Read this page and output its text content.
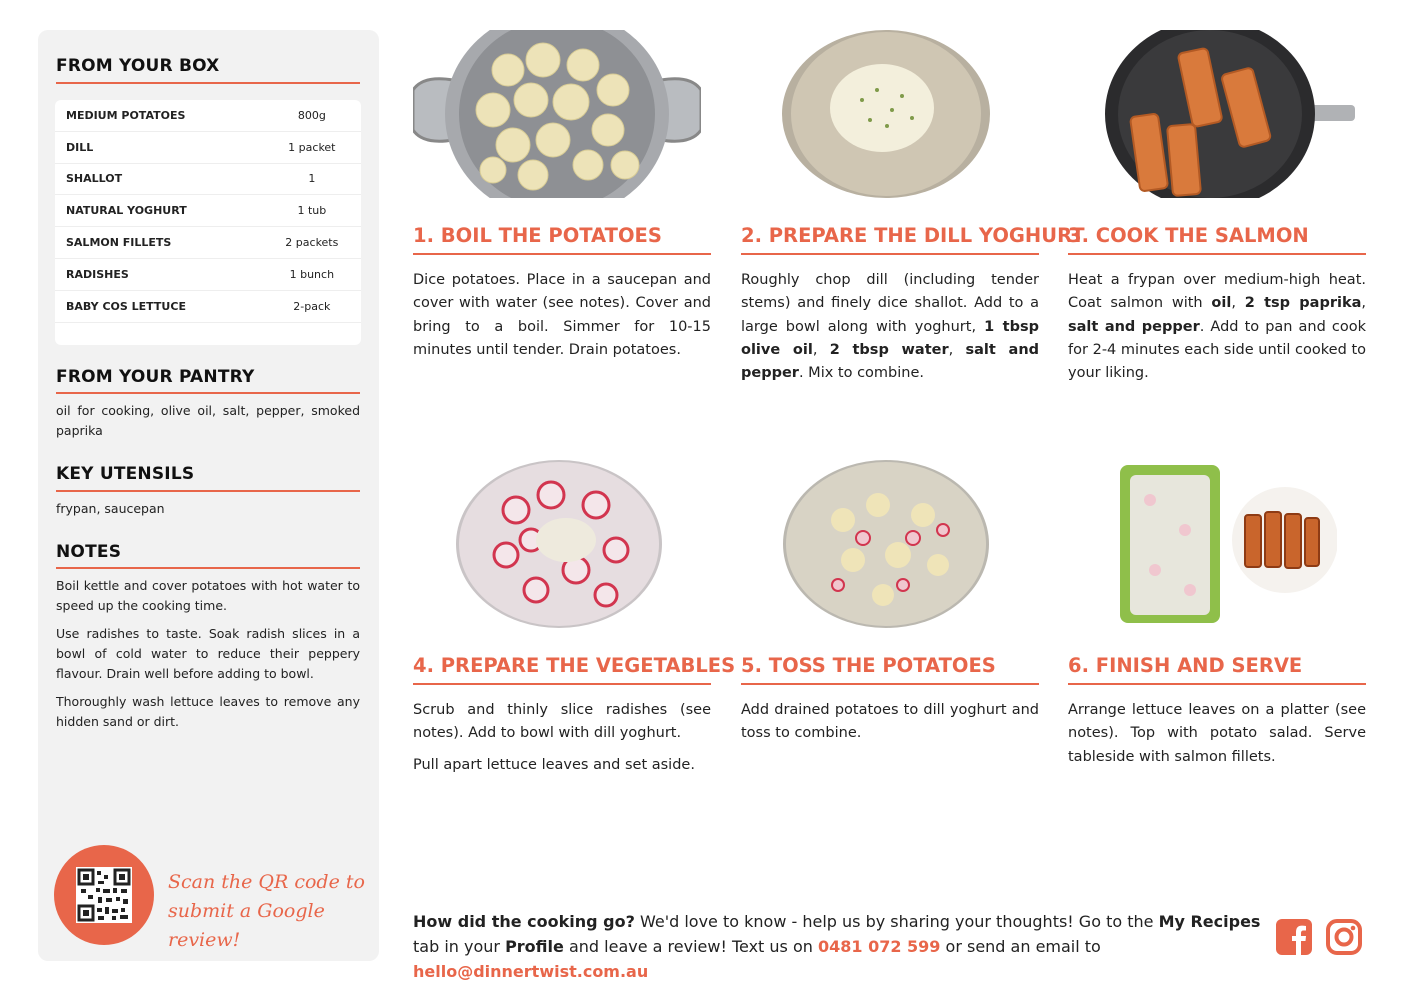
FROM YOUR BOX
MEDIUM POTATOES	800g
DILL	1 packet
SHALLOT	1
NATURAL YOGHURT	1 tub
SALMON FILLETS	2 packets
RADISHES	1 bunch
BABY COS LETTUCE	2-pack
FROM YOUR PANTRY
oil for cooking, olive oil, salt, pepper, smoked paprika
KEY UTENSILS
frypan, saucepan
NOTES

Boil kettle and cover potatoes with hot water to speed up the cooking time.

Use radishes to taste. Soak radish slices in a bowl of cold water to reduce their peppery flavour. Drain well before adding to bowl.

Thoroughly wash lettuce leaves to remove any hidden sand or dirt.

Scan the QR code to
submit a Google review!
1. BOIL THE POTATOES

Dice potatoes. Place in a saucepan and cover with water (see notes). Cover and bring to a boil. Simmer for 10-15 minutes until tender. Drain potatoes.

2. PREPARE THE DILL YOGHURT

Roughly chop dill (including tender stems) and finely dice shallot. Add to a large bowl along with yoghurt, 1 tbsp olive oil, 2 tbsp water, salt and pepper. Mix to combine.

3. COOK THE SALMON

Heat a frypan over medium-high heat. Coat salmon with oil, 2 tsp paprika, salt and pepper. Add to pan and cook for 2-4 minutes each side until cooked to your liking.

4. PREPARE THE VEGETABLES

Scrub and thinly slice radishes (see notes). Add to bowl with dill yoghurt.

Pull apart lettuce leaves and set aside.

5. TOSS THE POTATOES

Add drained potatoes to dill yoghurt and toss to combine.

6. FINISH AND SERVE

Arrange lettuce leaves on a platter (see notes). Top with potato salad. Serve tableside with salmon fillets.

How did the cooking go? We'd love to know - help us by sharing your thoughts! Go to the My Recipes tab in your Profile and leave a review! Text us on 0481 072 599 or send an email to hello@dinnertwist.com.au
